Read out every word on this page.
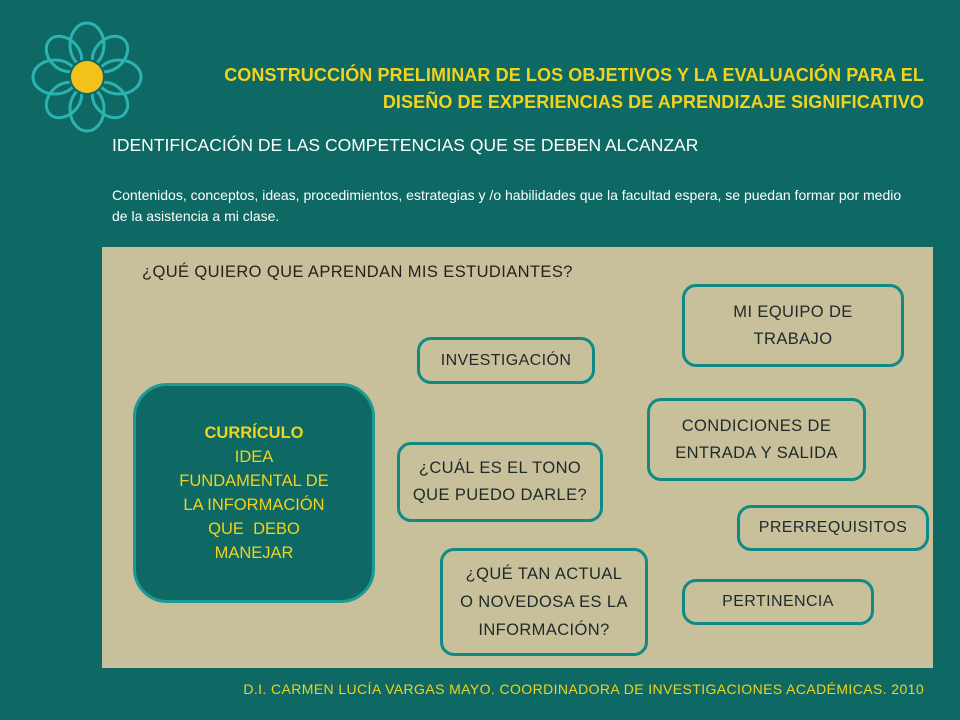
CONSTRUCCIÓN PRELIMINAR DE LOS OBJETIVOS Y LA EVALUACIÓN PARA EL
DISEÑO DE EXPERIENCIAS DE APRENDIZAJE SIGNIFICATIVO
IDENTIFICACIÓN DE LAS COMPETENCIAS QUE SE DEBEN ALCANZAR
Contenidos, conceptos, ideas, procedimientos, estrategias y /o habilidades que la facultad espera, se puedan formar por medio de la asistencia a mi clase.
¿QUÉ QUIERO QUE APRENDAN MIS ESTUDIANTES?
CURRÍCULO
IDEA
FUNDAMENTAL DE
LA INFORMACIÓN
QUE  DEBO
MANEJAR
INVESTIGACIÓN
MI EQUIPO DE TRABAJO
CONDICIONES DE ENTRADA Y SALIDA
¿CUÁL ES EL TONO QUE PUEDO DARLE?
PRERREQUISITOS
¿QUÉ TAN ACTUAL O NOVEDOSA ES LA INFORMACIÓN?
PERTINENCIA
D.I. CARMEN LUCÍA VARGAS MAYO. COORDINADORA DE INVESTIGACIONES ACADÉMICAS. 2010
